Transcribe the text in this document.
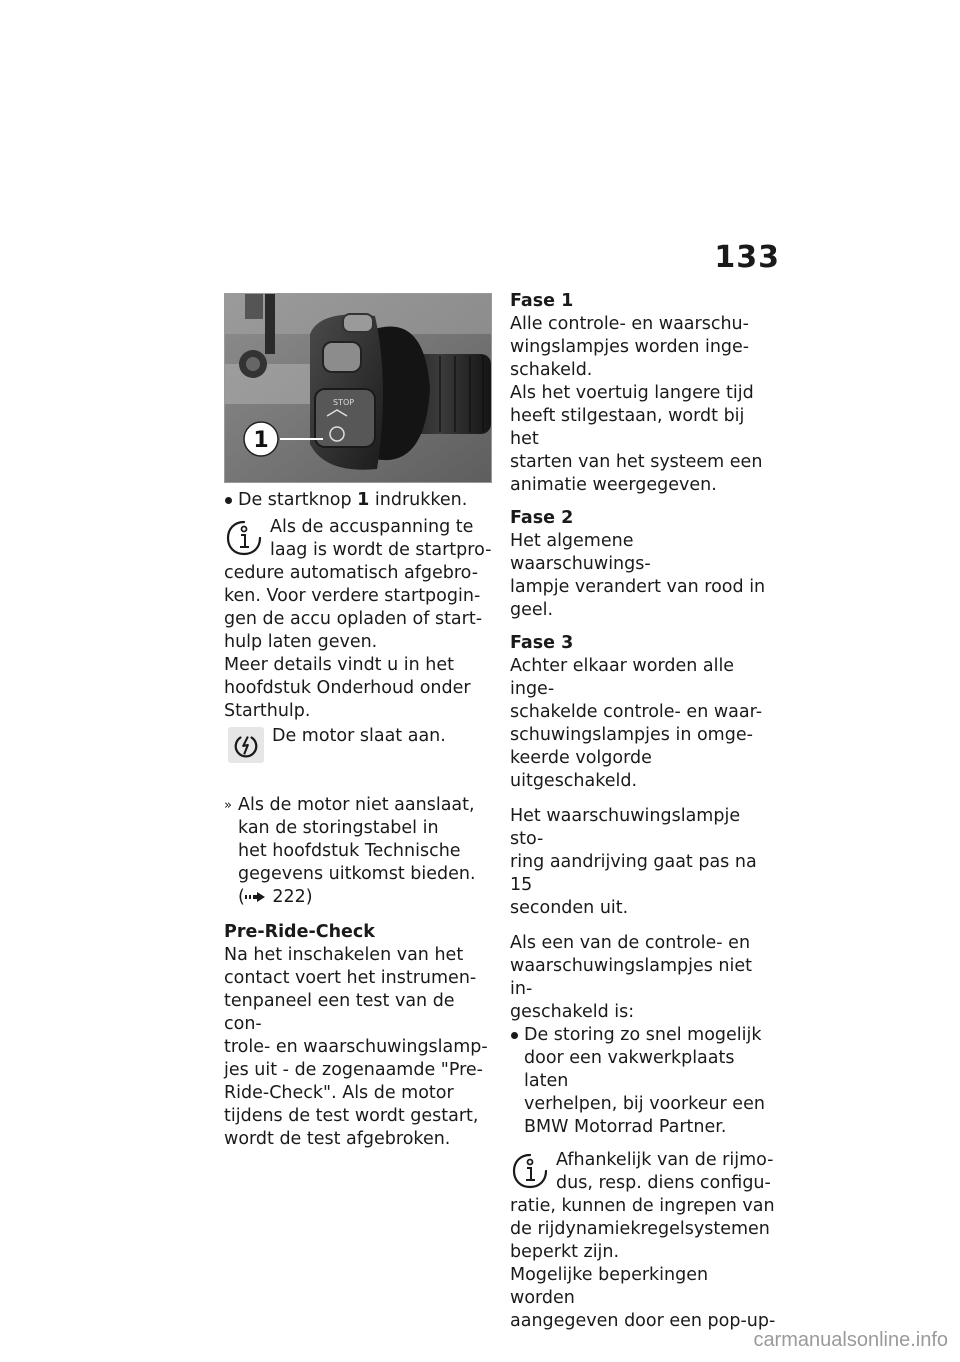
133
STOP
1
De startknop 1 indrukken.
Als de accuspanning te
laag is wordt de startpro-
cedure automatisch afgebro-
ken. Voor verdere startpogin-
gen de accu opladen of start-
hulp laten geven.
Meer details vindt u in het
hoofdstuk Onderhoud onder
Starthulp.
De motor slaat aan.
» Als de motor niet aanslaat,
kan de storingstabel in
het hoofdstuk Technische
gegevens uitkomst bieden.
( 222)
Pre-Ride-Check
Na het inschakelen van het
contact voert het instrumen-
tenpaneel een test van de con-
trole- en waarschuwingslamp-
jes uit - de zogenaamde "Pre-
Ride-Check". Als de motor
tijdens de test wordt gestart,
wordt de test afgebroken.
Fase 1
Alle controle- en waarschu-
wingslampjes worden inge-
schakeld.
Als het voertuig langere tijd
heeft stilgestaan, wordt bij het
starten van het systeem een
animatie weergegeven.
Fase 2
Het algemene waarschuwings-
lampje verandert van rood in
geel.
Fase 3
Achter elkaar worden alle inge-
schakelde controle- en waar-
schuwingslampjes in omge-
keerde volgorde uitgeschakeld.
Het waarschuwingslampje sto-
ring aandrijving gaat pas na 15
seconden uit.
Als een van de controle- en
waarschuwingslampjes niet in-
geschakeld is:
De storing zo snel mogelijk
door een vakwerkplaats laten
verhelpen, bij voorkeur een
BMW Motorrad Partner.
Afhankelijk van de rijmo-
dus, resp. diens configu-
ratie, kunnen de ingrepen van
de rijdynamiekregelsystemen
beperkt zijn.
Mogelijke beperkingen worden
aangegeven door een pop-up-
carmanualsonline.info
